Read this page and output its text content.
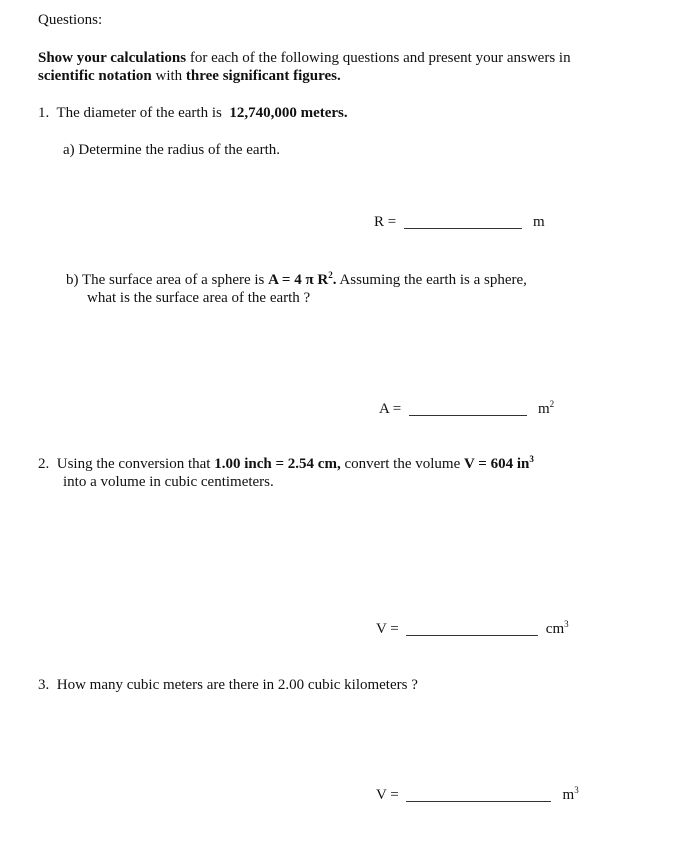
Questions:
Show your calculations for each of the following questions and present your answers in
scientific notation with three significant figures.
1. The diameter of the earth is 12,740,000 meters.
a) Determine the radius of the earth.
R =	m
b) The surface area of a sphere is A = 4 π $R^2$. Assuming the earth is a sphere,
what is the surface area of the earth ?
A =	$m^2$
2. Using the conversion that 1.00 inch = 2.54 cm, convert the volume V = 604 $in^3$
into a volume in cubic centimeters.
V =	$cm^3$
3. How many cubic meters are there in 2.00 cubic kilometers ?
V =	$m^3$
